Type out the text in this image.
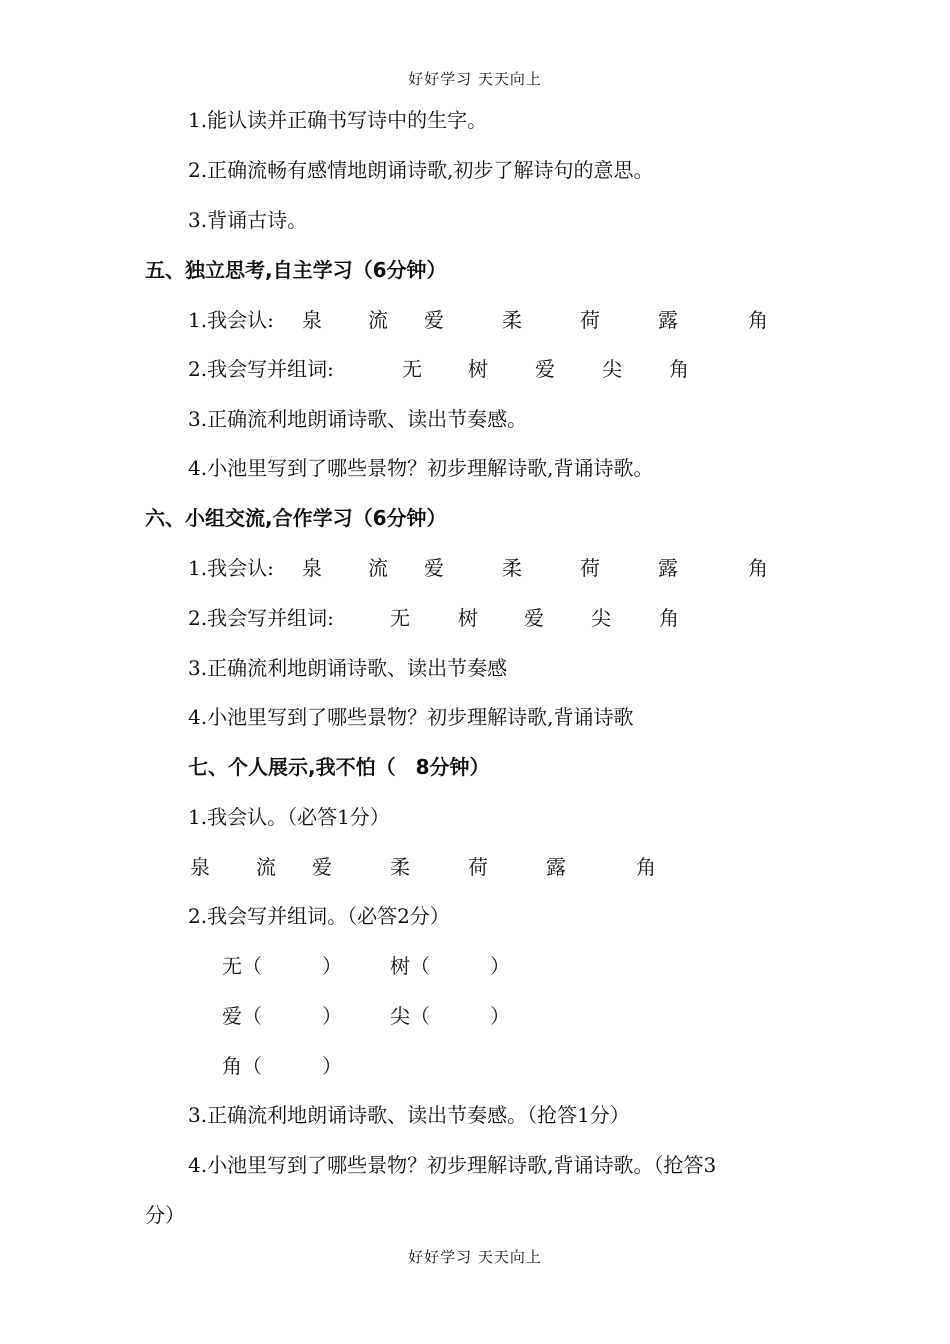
好好学习 天天向上
1.能认读并正确书写诗中的生字。
2.正确流畅有感情地朗诵诗歌,初步了解诗句的意思。
3.背诵古诗。
五、独立思考,自主学习（6分钟）
1.我会认: 泉 流 爱	柔	荷	露	角
2.我会写并组词:	无 树 爱 尖 角
3.正确流利地朗诵诗歌、读出节奏感。
4.小池里写到了哪些景物？初步理解诗歌,背诵诗歌。
六、小组交流,合作学习（6分钟）
1.我会认: 泉 流 爱	柔	荷	露	角
2.我会写并组词:	无 树 爱 尖 角
3.正确流利地朗诵诗歌、读出节奏感
4.小池里写到了哪些景物？初步理解诗歌,背诵诗歌
七、个人展示,我不怕（　8分钟）
1.我会认。（必答1分）
泉 流 爱	柔	荷	露	角
2.我会写并组词。（必答2分）
无（　　　） 树（　　　）
爱（　　　） 尖（　　　）
角（　　　）
3.正确流利地朗诵诗歌、读出节奏感。（抢答1分）
4.小池里写到了哪些景物？初步理解诗歌,背诵诗歌。（抢答3
分）
好好学习 天天向上
